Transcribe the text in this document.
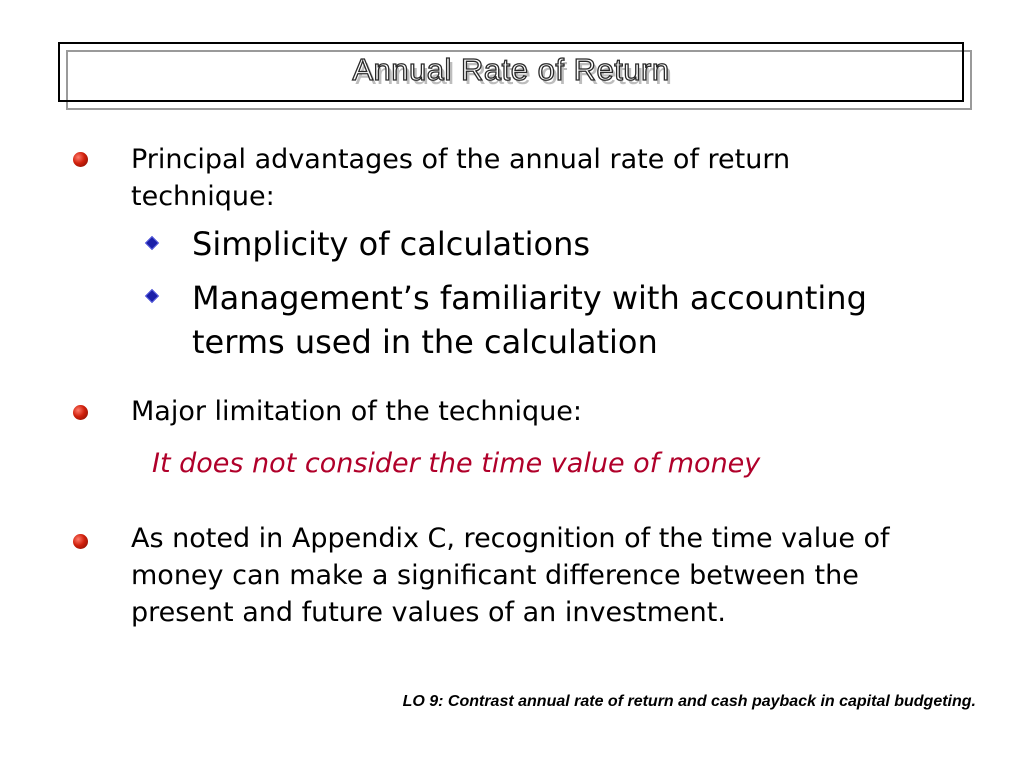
Annual Rate of Return
Principal advantages of the annual rate of return technique:
Simplicity of calculations
Management’s familiarity with accounting terms used in the calculation
Major limitation of the technique:
It does not consider the time value of money
As noted in Appendix C, recognition of the time value of money can make a significant difference between the present and future values of an investment.
LO 9: Contrast annual rate of return and cash payback in capital budgeting.
